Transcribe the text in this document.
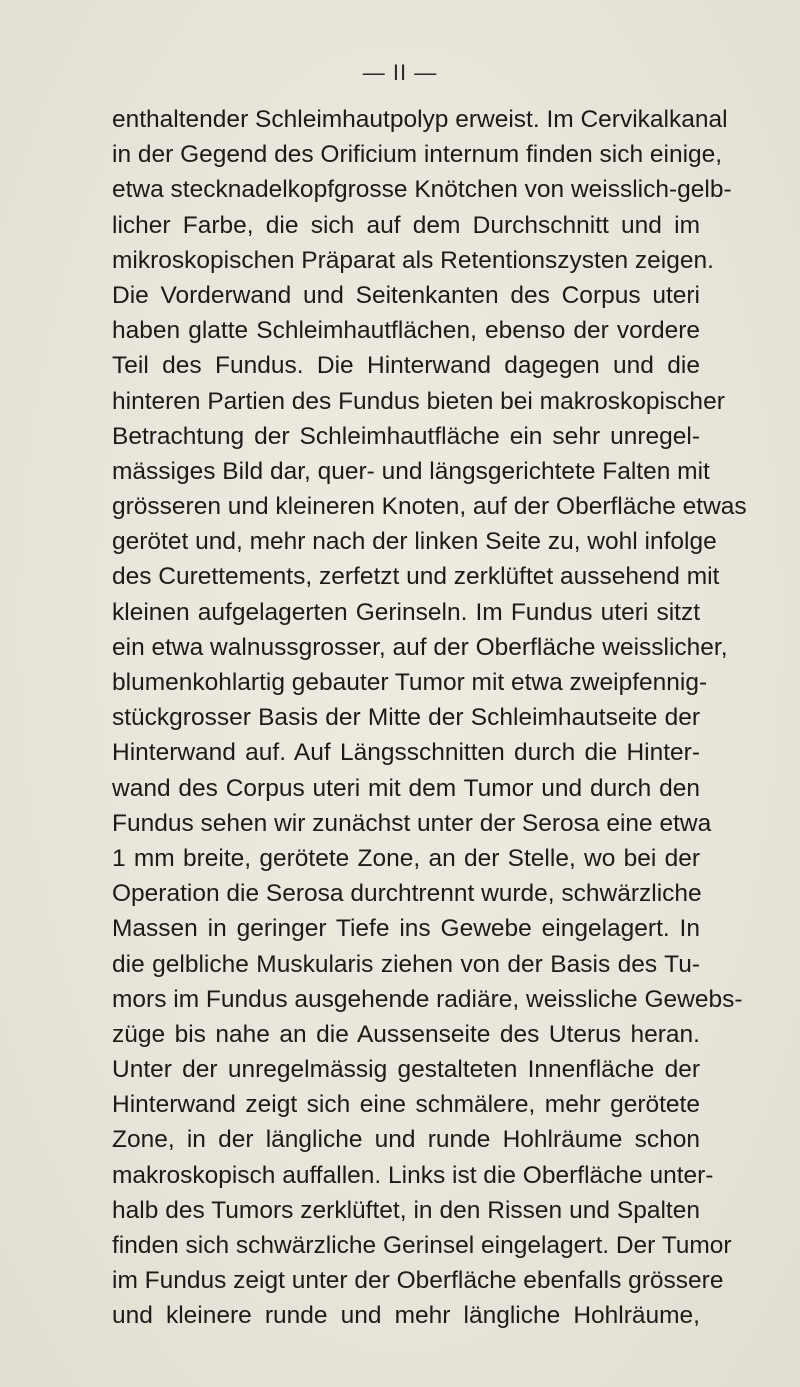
— II —
enthaltender Schleimhautpolyp erweist. Im Cervikalkanal
in der Gegend des Orificium internum finden sich einige,
etwa stecknadelkopfgrosse Knötchen von weisslich-gelb-
licher Farbe, die sich auf dem Durchschnitt und im
mikroskopischen Präparat als Retentionszysten zeigen.
Die Vorderwand und Seitenkanten des Corpus uteri
haben glatte Schleimhautflächen, ebenso der vordere
Teil des Fundus. Die Hinterwand dagegen und die
hinteren Partien des Fundus bieten bei makroskopischer
Betrachtung der Schleimhautfläche ein sehr unregel-
mässiges Bild dar, quer- und längsgerichtete Falten mit
grösseren und kleineren Knoten, auf der Oberfläche etwas
gerötet und, mehr nach der linken Seite zu, wohl infolge
des Curettements, zerfetzt und zerklüftet aussehend mit
kleinen aufgelagerten Gerinseln. Im Fundus uteri sitzt
ein etwa walnussgrosser, auf der Oberfläche weisslicher,
blumenkohlartig gebauter Tumor mit etwa zweipfennig-
stückgrosser Basis der Mitte der Schleimhautseite der
Hinterwand auf. Auf Längsschnitten durch die Hinter-
wand des Corpus uteri mit dem Tumor und durch den
Fundus sehen wir zunächst unter der Serosa eine etwa
1 mm breite, gerötete Zone, an der Stelle, wo bei der
Operation die Serosa durchtrennt wurde, schwärzliche
Massen in geringer Tiefe ins Gewebe eingelagert. In
die gelbliche Muskularis ziehen von der Basis des Tu-
mors im Fundus ausgehende radiäre, weissliche Gewebs-
züge bis nahe an die Aussenseite des Uterus heran.
Unter der unregelmässig gestalteten Innenfläche der
Hinterwand zeigt sich eine schmälere, mehr gerötete
Zone, in der längliche und runde Hohlräume schon
makroskopisch auffallen. Links ist die Oberfläche unter-
halb des Tumors zerklüftet, in den Rissen und Spalten
finden sich schwärzliche Gerinsel eingelagert. Der Tumor
im Fundus zeigt unter der Oberfläche ebenfalls grössere
und kleinere runde und mehr längliche Hohlräume,
